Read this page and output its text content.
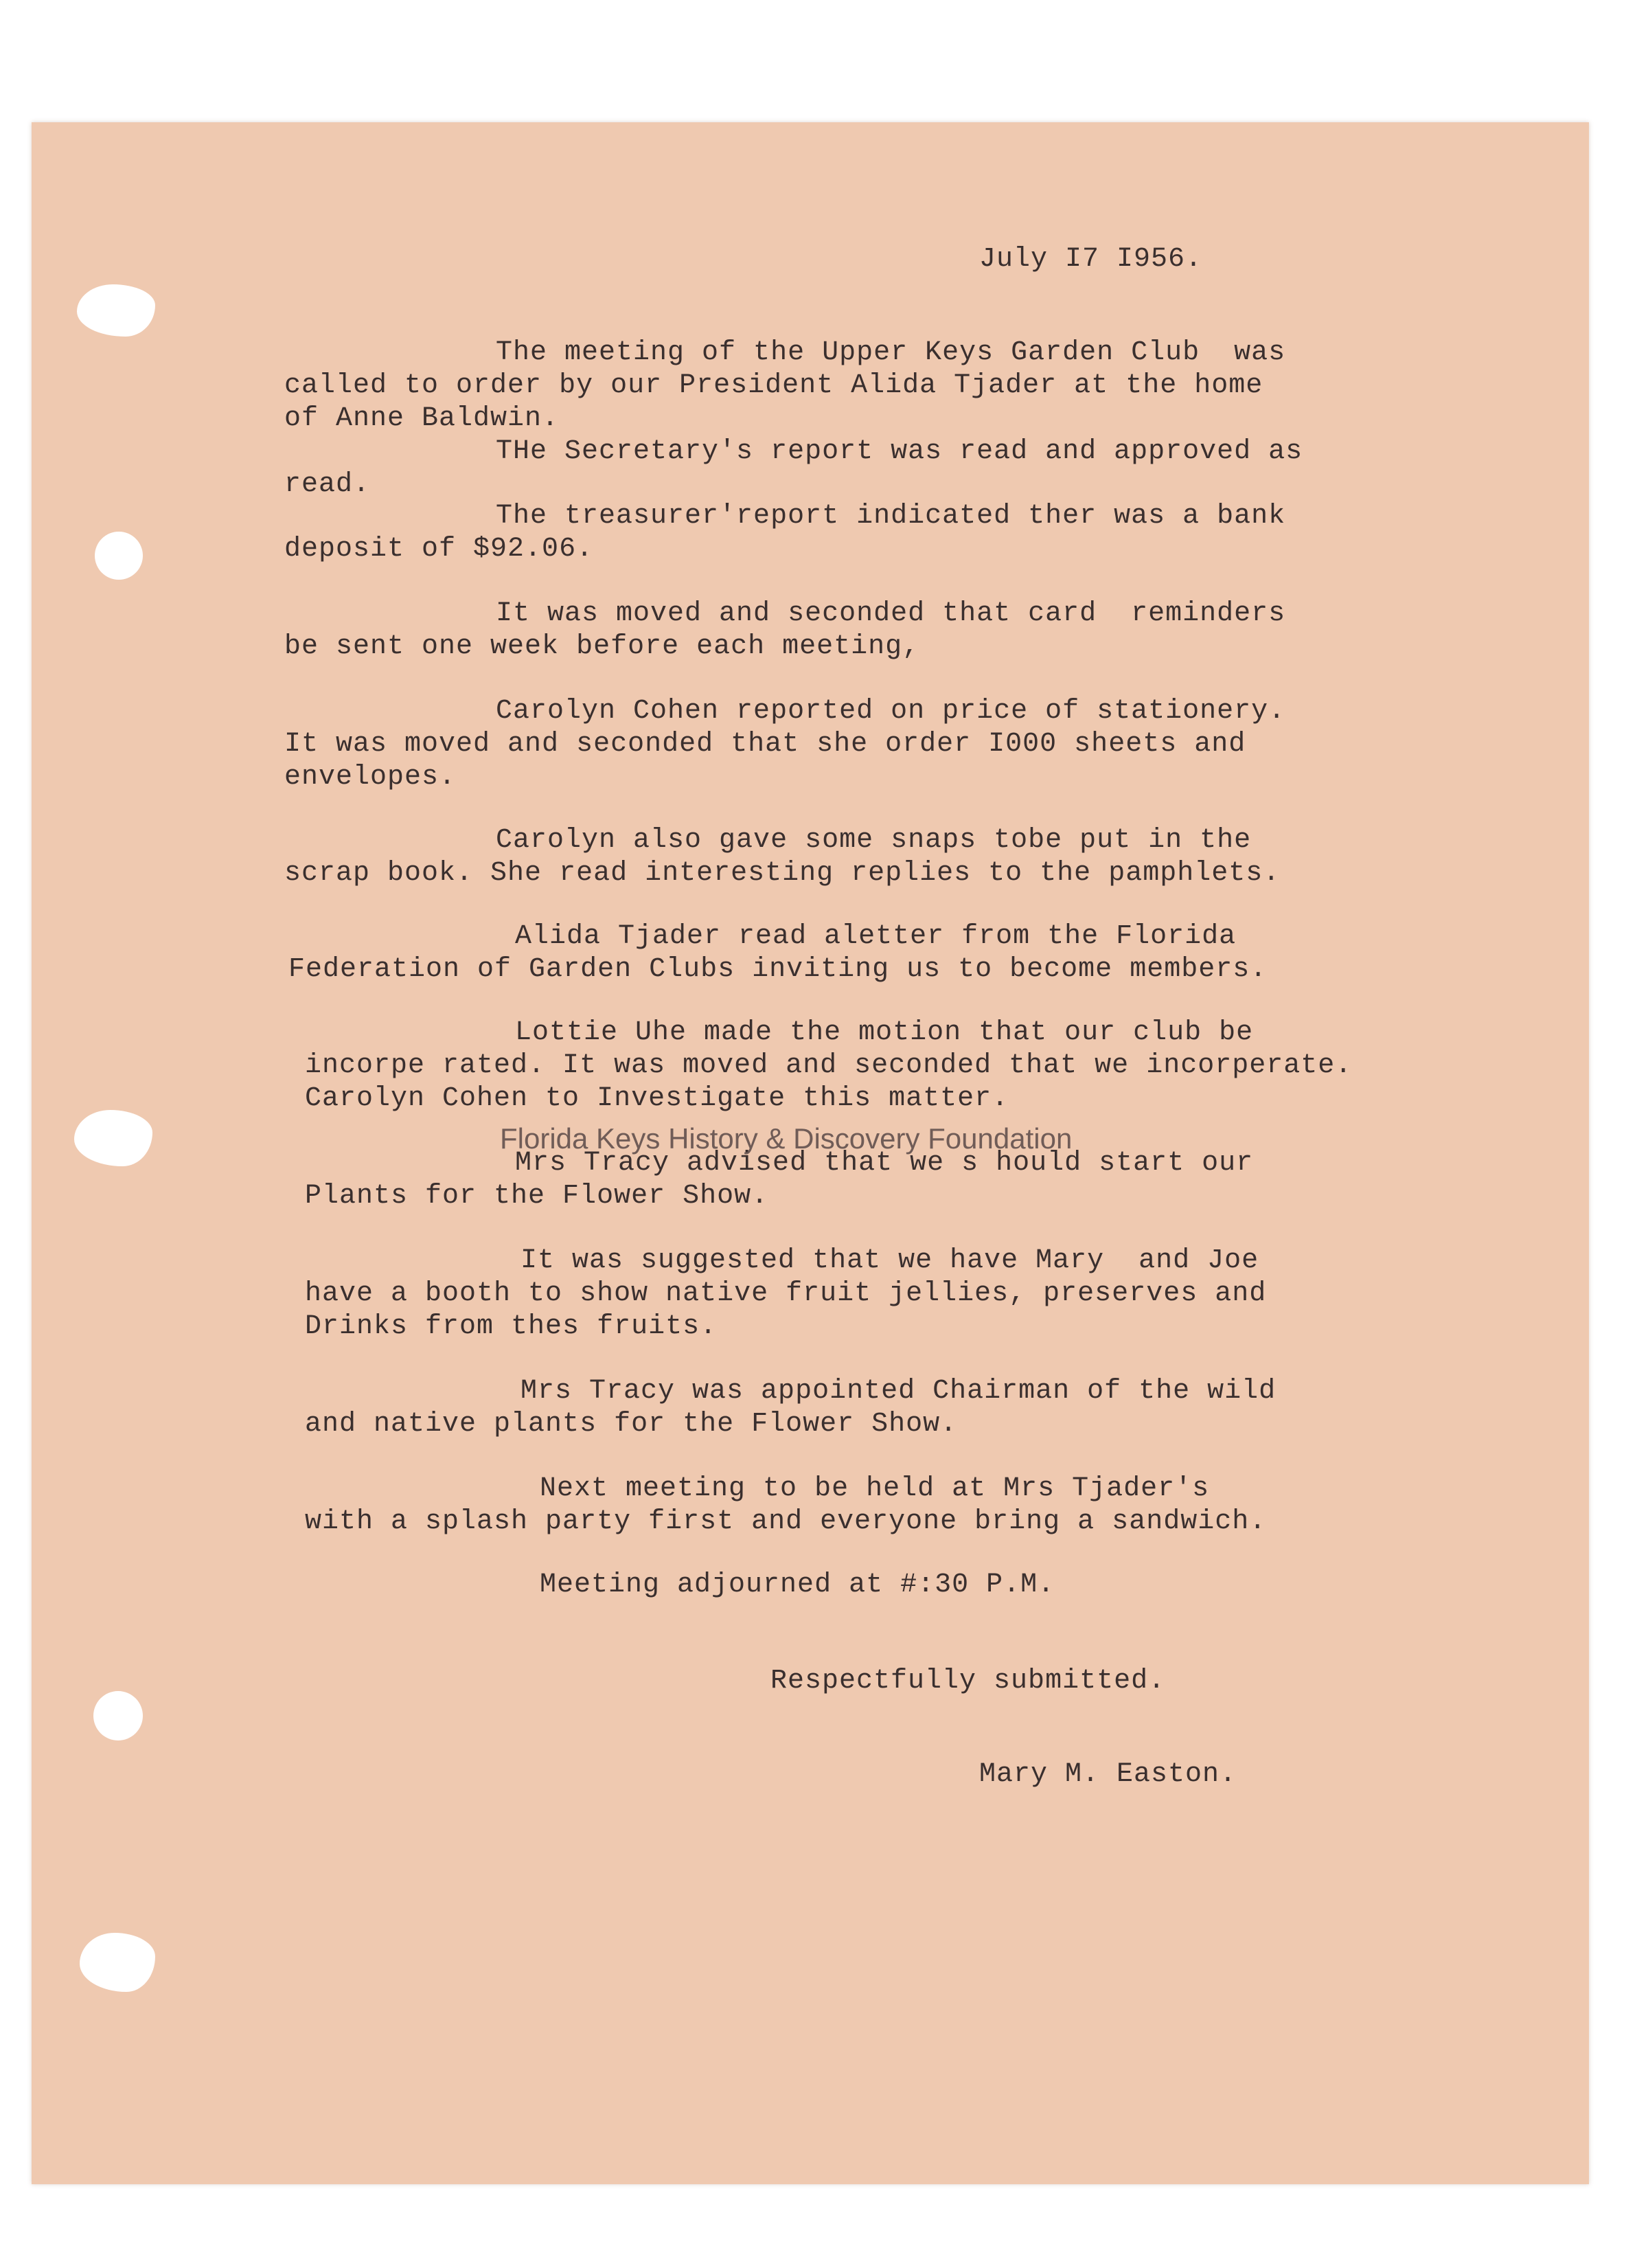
July I7 I956.

The meeting of the Upper Keys Garden Club  was

called to order by our President Alida Tjader at the home

of Anne Baldwin.

THe Secretary's report was read and approved as

read.

The treasurer'report indicated ther was a bank

deposit of $92.06.

It was moved and seconded that card  reminders

be sent one week before each meeting,

Carolyn Cohen reported on price of stationery.

It was moved and seconded that she order I000 sheets and

envelopes.

Carolyn also gave some snaps tobe put in the

scrap book. She read interesting replies to the pamphlets.

Alida Tjader read aletter from the Florida

Federation of Garden Clubs inviting us to become members.

Lottie Uhe made the motion that our club be

incorpe rated. It was moved and seconded that we incorperate.

Carolyn Cohen to Investigate this matter.

Mrs Tracy advised that we s hould start our

Plants for the Flower Show.

It was suggested that we have Mary  and Joe

have a booth to show native fruit jellies, preserves and

Drinks from thes fruits.

Mrs Tracy was appointed Chairman of the wild

and native plants for the Flower Show.

Next meeting to be held at Mrs Tjader's

with a splash party first and everyone bring a sandwich.

Meeting adjourned at #:30 P.M.

Respectfully submitted.

Mary M. Easton.

Florida Keys History & Discovery Foundation
